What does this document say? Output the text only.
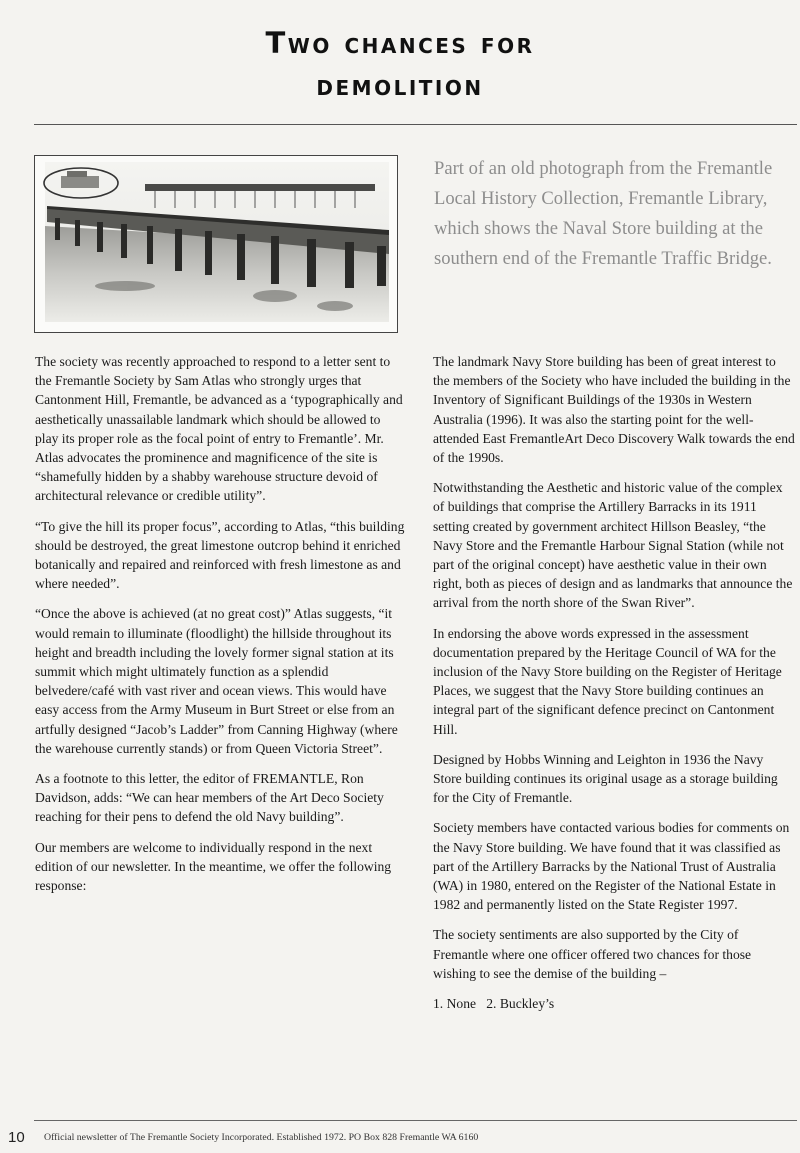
Two chances for
demolition
Part of an old photograph from the Fremantle Local History Collection, Fremantle Library, which shows the Naval Store building at the southern end of the Fremantle Traffic Bridge.

The society was recently approached to respond to a letter sent to the Fremantle Society by Sam Atlas who strongly urges that Cantonment Hill, Fremantle, be advanced as a ‘typographically and aesthetically unassailable landmark which should be allowed to play its proper role as the focal point of entry to Fremantle’. Mr. Atlas advocates the prominence and magnificence of the site is “shamefully hidden by a shabby warehouse structure devoid of architectural relevance or credible utility”.

“To give the hill its proper focus”, according to Atlas, “this building should be destroyed, the great limestone outcrop behind it enriched botanically and repaired and reinforced with fresh limestone as and where needed”.

“Once the above is achieved (at no great cost)” Atlas suggests, “it would remain to illuminate (floodlight) the hillside throughout its height and breadth including the lovely former signal station at its summit which might ultimately function as a splendid belvedere/café with vast river and ocean views. This would have easy access from the Army Museum in Burt Street or else from an artfully designed “Jacob’s Ladder” from Canning Highway (where the warehouse currently stands) or from Queen Victoria Street”.

As a footnote to this letter, the editor of FREMANTLE, Ron Davidson, adds: “We can hear members of the Art Deco Society reaching for their pens to defend the old Navy building”.

Our members are welcome to individually respond in the next edition of our newsletter. In the meantime, we offer the following response:

The landmark Navy Store building has been of great interest to the members of the Society who have included the building in the Inventory of Significant Buildings of the 1930s in Western Australia (1996). It was also the starting point for the well-attended East FremantleArt Deco Discovery Walk towards the end of the 1990s.

Notwithstanding the Aesthetic and historic value of the complex of buildings that comprise the Artillery Barracks in its 1911 setting created by government architect Hillson Beasley, “the Navy Store and the Fremantle Harbour Signal Station (while not part of the original concept) have aesthetic value in their own right, both as pieces of design and as landmarks that announce the arrival from the north shore of the Swan River”.

In endorsing the above words expressed in the assessment documentation prepared by the Heritage Council of WA for the inclusion of the Navy Store building on the Register of Heritage Places, we suggest that the Navy Store building continues an integral part of the significant defence precinct on Cantonment Hill.

Designed by Hobbs Winning and Leighton in 1936 the Navy Store building continues its original usage as a storage building for the City of Fremantle.

Society members have contacted various bodies for comments on the Navy Store building. We have found that it was classified as part of the Artillery Barracks by the National Trust of Australia (WA) in 1980, entered on the Register of the National Estate in 1982 and permanently listed on the State Register 1997.

The society sentiments are also supported by the City of Fremantle where one officer offered two chances for those wishing to see the demise of the building –

1. None   2. Buckley’s

10 Official newsletter of The Fremantle Society Incorporated. Established 1972. PO Box 828 Fremantle WA 6160
